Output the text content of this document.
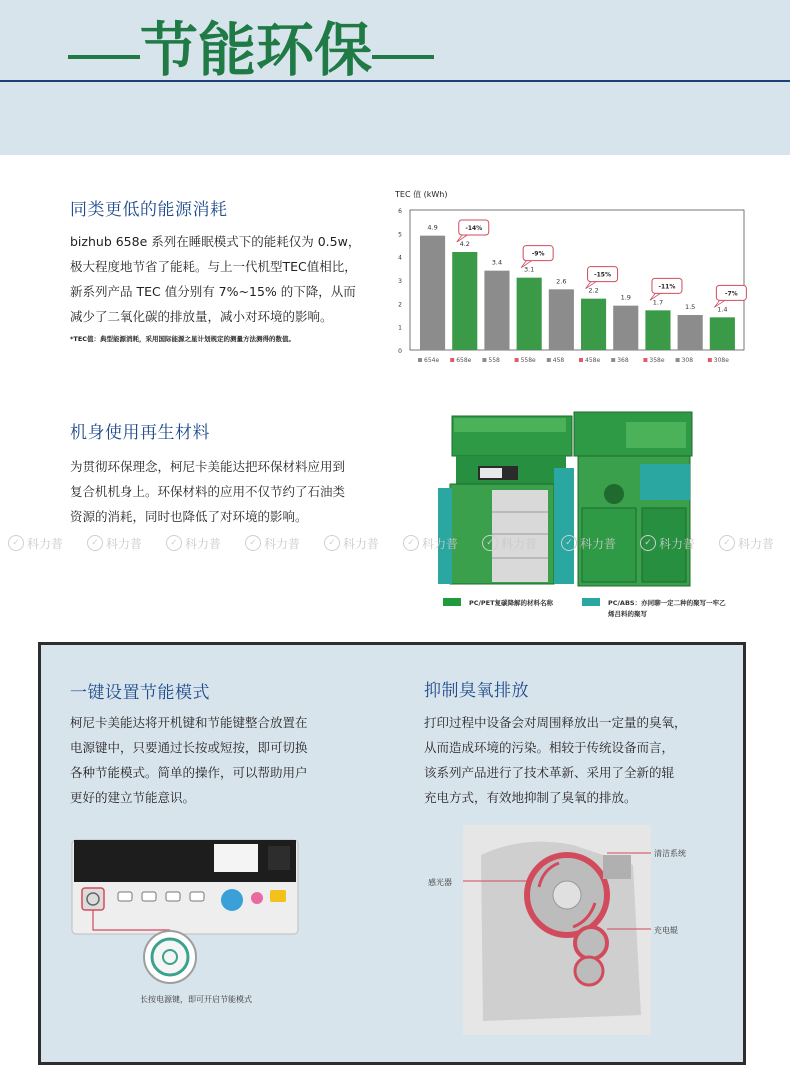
节能环保
同类更低的能源消耗
bizhub 658e 系列在睡眠模式下的能耗仅为 0.5w，
极大程度地节省了能耗。与上一代机型TEC值相比，
新系列产品 TEC 值分别有 7%~15% 的下降，从而
减少了二氧化碳的排放量，减小对环境的影响。
*TEC值：典型能源消耗，采用国际能源之星计划规定的测量方法测得的数值。
TEC 值 (kWh)
0
1
2
3
4
5
6
4.9
654e
4.2
658e
3.4
558
3.1
558e
2.6
458
2.2
458e
1.9
368
1.7
358e
1.5
308
1.4
308e
-14%
-9%
-15%
-11%
-7%
机身使用再生材料
为贯彻环保理念，柯尼卡美能达把环保材料应用到
复合机机身上。环保材料的应用不仅节约了石油类
资源的消耗，同时也降低了对环境的影响。
PC/PET复碳降解的材料名称	PC/ABS：亦同聊一定二种的聚写一牢乙烯吕料的聚写
✓ 科力普	✓ 科力普	✓ 科力普	✓ 科力普	✓ 科力普	✓ 科力普	✓ 科力普	✓ 科力普	✓ 科力普	✓ 科力普
一键设置节能模式
柯尼卡美能达将开机键和节能键整合放置在
电源键中，只要通过长按或短按，即可切换
各种节能模式。简单的操作，可以帮助用户
更好的建立节能意识。
抑制臭氧排放
打印过程中设备会对周围释放出一定量的臭氧，
从而造成环境的污染。相较于传统设备而言，
该系列产品进行了技术革新、采用了全新的辊
充电方式，有效地抑制了臭氧的排放。
长按电源键，即可开启节能模式
感光器
清洁系统
充电辊
